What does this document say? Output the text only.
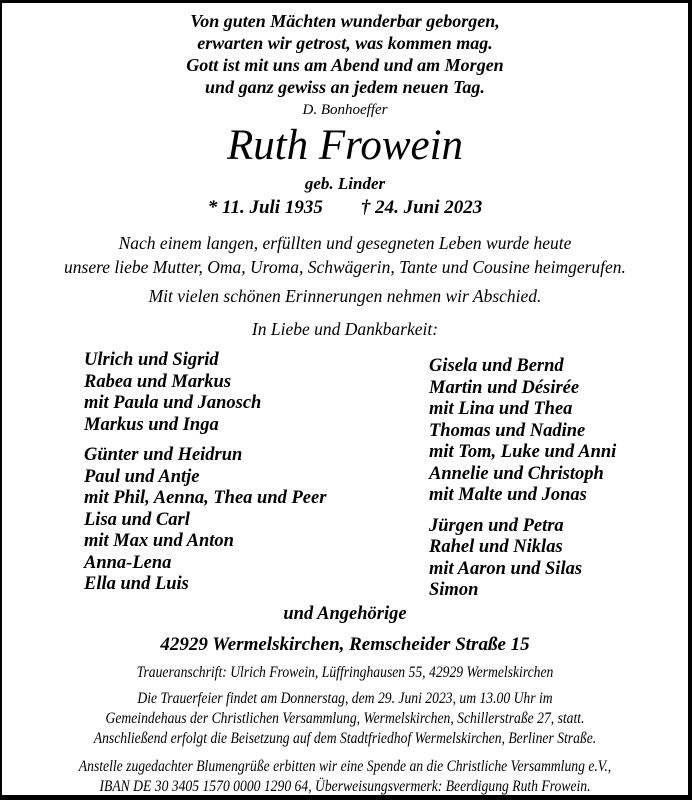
Von guten Mächten wunderbar geborgen,
erwarten wir getrost, was kommen mag.
Gott ist mit uns am Abend und am Morgen
und ganz gewiss an jedem neuen Tag.
D. Bonhoeffer
Ruth Frowein
geb. Linder
* 11. Juli 1935 † 24. Juni 2023
Nach einem langen, erfüllten und gesegneten Leben wurde heute
unsere liebe Mutter, Oma, Uroma, Schwägerin, Tante und Cousine heimgerufen.
Mit vielen schönen Erinnerungen nehmen wir Abschied.
In Liebe und Dankbarkeit:
Ulrich und Sigrid
Rabea und Markus
mit Paula und Janosch
Markus und Inga
Günter und Heidrun
Paul und Antje
mit Phil, Aenna, Thea und Peer
Lisa und Carl
mit Max und Anton
Anna-Lena
Ella und Luis
Gisela und Bernd
Martin und Désirée
mit Lina und Thea
Thomas und Nadine
mit Tom, Luke und Anni
Annelie und Christoph
mit Malte und Jonas
Jürgen und Petra
Rahel und Niklas
mit Aaron und Silas
Simon
und Angehörige
42929 Wermelskirchen, Remscheider Straße 15
Traueranschrift: Ulrich Frowein, Lüffringhausen 55, 42929 Wermelskirchen
Die Trauerfeier findet am Donnerstag, dem 29. Juni 2023, um 13.00 Uhr im
Gemeindehaus der Christlichen Versammlung, Wermelskirchen, Schillerstraße 27, statt.
Anschließend erfolgt die Beisetzung auf dem Stadtfriedhof Wermelskirchen, Berliner Straße.
Anstelle zugedachter Blumengrüße erbitten wir eine Spende an die Christliche Versammlung e.V.,
IBAN DE 30 3405 1570 0000 1290 64, Überweisungsvermerk: Beerdigung Ruth Frowein.
